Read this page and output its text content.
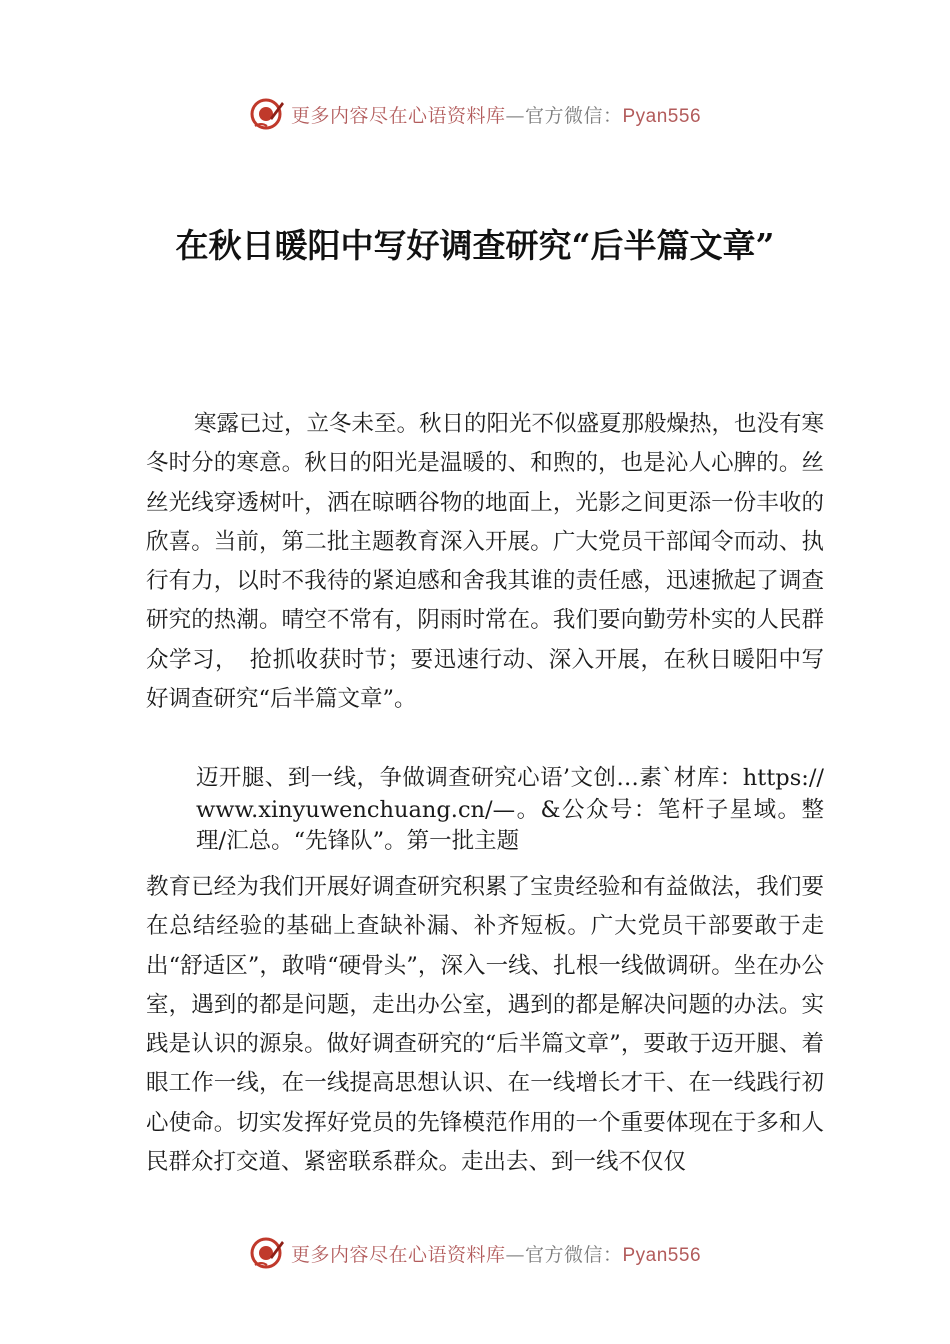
更多内容尽在心语资料库—官方微信：Pyan556
在秋日暖阳中写好调查研究“后半篇文章”

寒露已过，立冬未至。秋日的阳光不似盛夏那般燥热，也没有寒冬时分的寒意。秋日的阳光是温暖的、和煦的，也是沁人心脾的。丝丝光线穿透树叶，洒在晾晒谷物的地面上，光影之间更添一份丰收的欣喜。当前，第二批主题教育深入开展。广大党员干部闻令而动、执行有力，以时不我待的紧迫感和舍我其谁的责任感，迅速掀起了调查研究的热潮。晴空不常有，阴雨时常在。我们要向勤劳朴实的人民群众学习，　抢抓收获时节；要迅速行动、深入开展，在秋日暖阳中写好调查研究“后半篇文章”。

迈开腿、到一线，争做调查研究心语’文创…素`材库：https://www.xinyuwenchuang.cn/—。&公众号：笔杆子星域。整理/汇总。“先锋队”。第一批主题

教育已经为我们开展好调查研究积累了宝贵经验和有益做法，我们要在总结经验的基础上查缺补漏、补齐短板。广大党员干部要敢于走出“舒适区”，敢啃“硬骨头”，深入一线、扎根一线做调研。坐在办公室，遇到的都是问题，走出办公室，遇到的都是解决问题的办法。实践是认识的源泉。做好调查研究的“后半篇文章”，要敢于迈开腿、着眼工作一线，在一线提高思想认识、在一线增长才干、在一线践行初心使命。切实发挥好党员的先锋模范作用的一个重要体现在于多和人民群众打交道、紧密联系群众。走出去、到一线不仅仅

更多内容尽在心语资料库—官方微信：Pyan556
